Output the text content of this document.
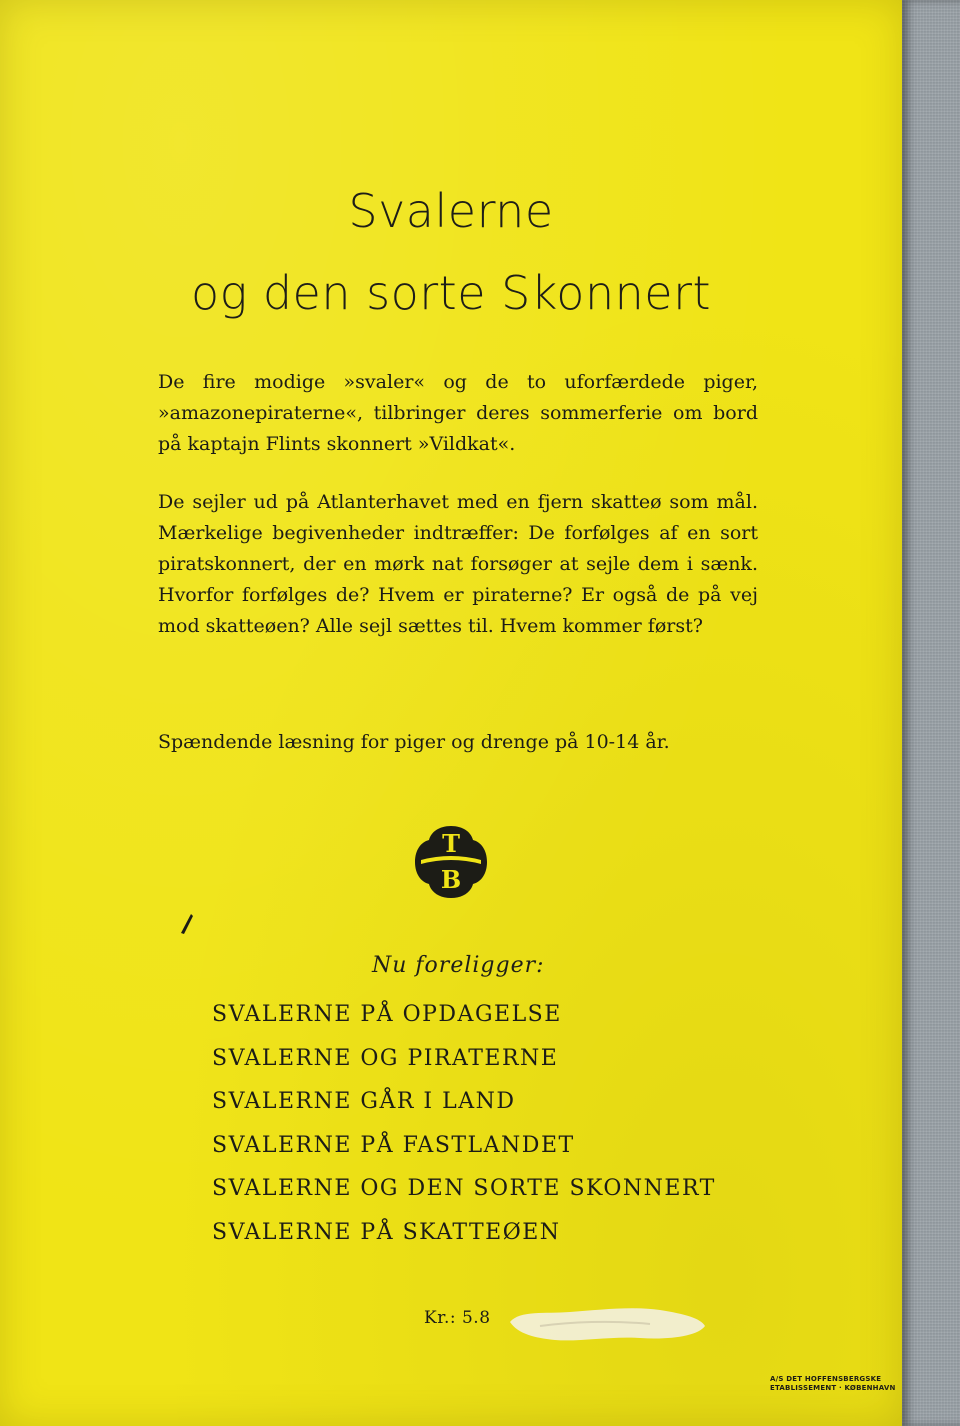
Svalerne
og den sorte Skonnert

De fire modige »svaler« og de to uforfærdede piger, »amazonepiraterne«, tilbringer deres sommerferie om bord på kaptajn Flints skonnert »Vildkat«.

De sejler ud på Atlanterhavet med en fjern skatteø som mål. Mærkelige begivenheder indtræffer: De forfølges af en sort piratskonnert, der en mørk nat forsøger at sejle dem i sænk. Hvorfor forfølges de? Hvem er piraterne? Er også de på vej mod skatteøen? Alle sejl sættes til. Hvem kommer først?

Spændende læsning for piger og drenge på 10-14 år.

T
B
Nu foreligger:
SVALERNE PÅ OPDAGELSE
SVALERNE OG PIRATERNE
SVALERNE GÅR I LAND
SVALERNE PÅ FASTLANDET
SVALERNE OG DEN SORTE SKONNERT
SVALERNE PÅ SKATTEØEN
Kr.: 5.8
A/S DET HOFFENSBERGSKE
ETABLISSEMENT · KØBENHAVN
